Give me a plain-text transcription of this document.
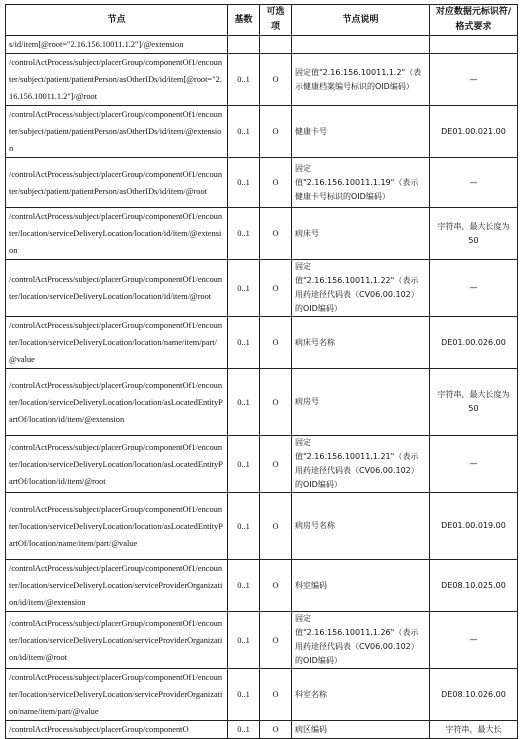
节点	基数	可选项	节点说明	对应数据元标识符/格式要求
s/id/item[@root="2.16.156.10011.1.2"]/@extension				
/controlActProcess/subject/placerGroup/componentOf1/encounter/subject/patient/patientPerson/asOtherIDs/id/item[@root="2.16.156.10011.1.2"]/@root	0..1	O	固定值"2.16.156.10011.1.2"（表示健康档案编号标识的OID编码）	—
/controlActProcess/subject/placerGroup/componentOf1/encounter/subject/patient/patientPerson/asOtherIDs/id/item/@extension	0..1	O	健康卡号	DE01.00.021.00
/controlActProcess/subject/placerGroup/componentOf1/encounter/subject/patient/patientPerson/asOtherIDs/id/item/@root	0..1	O	固定值"2.16.156.10011.1.19"（表示健康卡号标识的OID编码）	—
/controlActProcess/subject/placerGroup/componentOf1/encounter/location/serviceDeliveryLocation/location/id/item/@extension	0..1	O	病床号	字符串，最大长度为50
/controlActProcess/subject/placerGroup/componentOf1/encounter/location/serviceDeliveryLocation/location/id/item/@root	0..1	O	固定值"2.16.156.10011.1.22"（表示用药途径代码表（CV06.00.102）的OID编码）	—
/controlActProcess/subject/placerGroup/componentOf1/encounter/location/serviceDeliveryLocation/location/name/item/part/@value	0..1	O	病床号名称	DE01.00.026.00
/controlActProcess/subject/placerGroup/componentOf1/encounter/location/serviceDeliveryLocation/location/asLocatedEntityPartOf/location/id/item/@extension	0..1	O	病房号	字符串，最大长度为50
/controlActProcess/subject/placerGroup/componentOf1/encounter/location/serviceDeliveryLocation/location/asLocatedEntityPartOf/location/id/item/@root	0..1	O	固定值"2.16.156.10011.1.21"（表示用药途径代码表（CV06.00.102）的OID编码）	—
/controlActProcess/subject/placerGroup/componentOf1/encounter/location/serviceDeliveryLocation/location/asLocatedEntityPartOf/location/name/item/part/@value	0..1	O	病房号名称	DE01.00.019.00
/controlActProcess/subject/placerGroup/componentOf1/encounter/location/serviceDeliveryLocation/serviceProviderOrganization/id/item/@extension	0..1	O	科室编码	DE08.10.025.00
/controlActProcess/subject/placerGroup/componentOf1/encounter/location/serviceDeliveryLocation/serviceProviderOrganization/id/item/@root	0..1	O	固定值"2.16.156.10011.1.26"（表示用药途径代码表（CV06.00.102）的OID编码）	—
/controlActProcess/subject/placerGroup/componentOf1/encounter/location/serviceDeliveryLocation/serviceProviderOrganization/name/item/part/@value	0..1	O	科室名称	DE08.10.026.00
/controlActProcess/subject/placerGroup/componentO	0..1	O	病区编码	字符串，最大长
